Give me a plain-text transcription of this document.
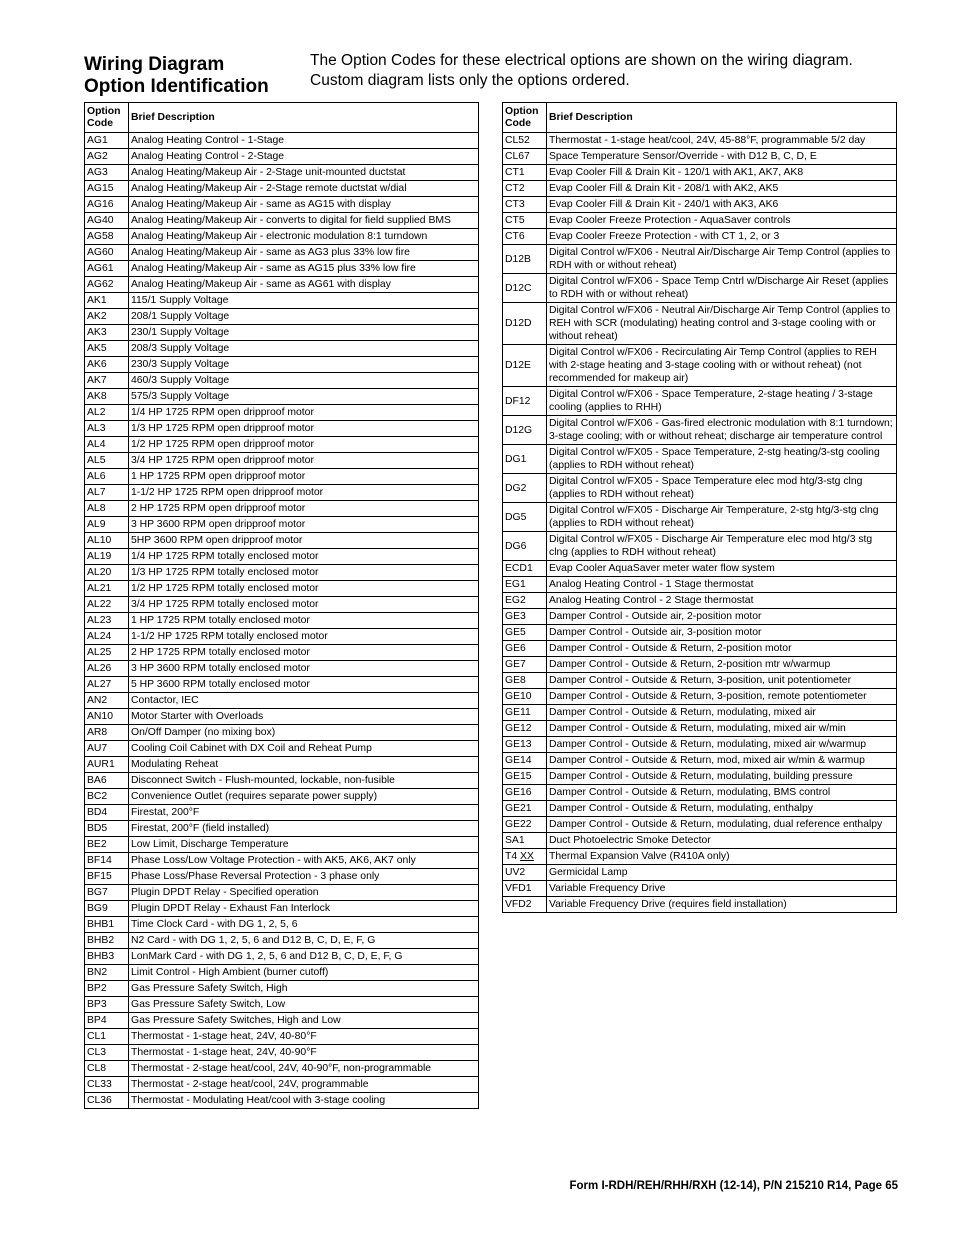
Wiring Diagram
Option Identification
The Option Codes for these electrical options are shown on the wiring diagram. Custom diagram lists only the options ordered.
Option Code	Brief Description
AG1	Analog Heating Control - 1-Stage
AG2	Analog Heating Control - 2-Stage
AG3	Analog Heating/Makeup Air - 2-Stage unit-mounted ductstat
AG15	Analog Heating/Makeup Air - 2-Stage remote ductstat w/dial
AG16	Analog Heating/Makeup Air - same as AG15 with display
AG40	Analog Heating/Makeup Air - converts to digital for field supplied BMS
AG58	Analog Heating/Makeup Air - electronic modulation 8:1 turndown
AG60	Analog Heating/Makeup Air - same as AG3 plus 33% low fire
AG61	Analog Heating/Makeup Air - same as AG15 plus 33% low fire
AG62	Analog Heating/Makeup Air - same as AG61 with display
AK1	115/1 Supply Voltage
AK2	208/1 Supply Voltage
AK3	230/1 Supply Voltage
AK5	208/3 Supply Voltage
AK6	230/3 Supply Voltage
AK7	460/3 Supply Voltage
AK8	575/3 Supply Voltage
AL2	1/4 HP 1725 RPM open dripproof motor
AL3	1/3 HP 1725 RPM open dripproof motor
AL4	1/2 HP 1725 RPM open dripproof motor
AL5	3/4 HP 1725 RPM open dripproof motor
AL6	1 HP 1725 RPM open dripproof motor
AL7	1-1/2 HP 1725 RPM open dripproof motor
AL8	2 HP 1725 RPM open dripproof motor
AL9	3 HP 3600 RPM open dripproof motor
AL10	5HP 3600 RPM open dripproof motor
AL19	1/4 HP 1725 RPM totally enclosed motor
AL20	1/3 HP 1725 RPM totally enclosed motor
AL21	1/2 HP 1725 RPM totally enclosed motor
AL22	3/4 HP 1725 RPM totally enclosed motor
AL23	1 HP 1725 RPM totally enclosed motor
AL24	1-1/2 HP 1725 RPM totally enclosed motor
AL25	2 HP 1725 RPM totally enclosed motor
AL26	3 HP 3600 RPM totally enclosed motor
AL27	5 HP 3600 RPM totally enclosed motor
AN2	Contactor, IEC
AN10	Motor Starter with Overloads
AR8	On/Off Damper (no mixing box)
AU7	Cooling Coil Cabinet with DX Coil and Reheat Pump
AUR1	Modulating Reheat
BA6	Disconnect Switch - Flush-mounted, lockable, non-fusible
BC2	Convenience Outlet (requires separate power supply)
BD4	Firestat, 200°F
BD5	Firestat, 200°F (field installed)
BE2	Low Limit, Discharge Temperature
BF14	Phase Loss/Low Voltage Protection - with AK5, AK6, AK7 only
BF15	Phase Loss/Phase Reversal Protection - 3 phase only
BG7	Plugin DPDT Relay - Specified operation
BG9	Plugin DPDT Relay - Exhaust Fan Interlock
BHB1	Time Clock Card - with DG 1, 2, 5, 6
BHB2	N2 Card - with DG 1, 2, 5, 6 and D12 B, C, D, E, F, G
BHB3	LonMark Card - with DG 1, 2, 5, 6 and D12 B, C, D, E, F, G
BN2	Limit Control - High Ambient (burner cutoff)
BP2	Gas Pressure Safety Switch, High
BP3	Gas Pressure Safety Switch, Low
BP4	Gas Pressure Safety Switches, High and Low
CL1	Thermostat - 1-stage heat, 24V, 40-80°F
CL3	Thermostat - 1-stage heat, 24V, 40-90°F
CL8	Thermostat - 2-stage heat/cool, 24V, 40-90°F, non-programmable
CL33	Thermostat - 2-stage heat/cool, 24V, programmable
CL36	Thermostat - Modulating Heat/cool with 3-stage cooling
Option Code	Brief Description
CL52	Thermostat - 1-stage heat/cool, 24V, 45-88°F, programmable 5/2 day
CL67	Space Temperature Sensor/Override - with D12 B, C, D, E
CT1	Evap Cooler Fill & Drain Kit - 120/1 with AK1, AK7, AK8
CT2	Evap Cooler Fill & Drain Kit - 208/1 with AK2, AK5
CT3	Evap Cooler Fill & Drain Kit - 240/1 with AK3, AK6
CT5	Evap Cooler Freeze Protection - AquaSaver controls
CT6	Evap Cooler Freeze Protection - with CT 1, 2, or 3
D12B	Digital Control w/FX06 - Neutral Air/Discharge Air Temp Control (applies to RDH with or without reheat)
D12C	Digital Control w/FX06 - Space Temp Cntrl w/Discharge Air Reset (applies to RDH with or without reheat)
D12D	Digital Control w/FX06 - Neutral Air/Discharge Air Temp Control (applies to REH with SCR (modulating) heating control and 3-stage cooling with or without reheat)
D12E	Digital Control w/FX06 - Recirculating Air Temp Control (applies to REH with 2-stage heating and 3-stage cooling with or without reheat) (not recommended for makeup air)
DF12	Digital Control w/FX06 - Space Temperature, 2-stage heating / 3-stage cooling (applies to RHH)
D12G	Digital Control w/FX06 - Gas-fired electronic modulation with 8:1 turndown; 3-stage cooling; with or without reheat; discharge air temperature control
DG1	Digital Control w/FX05 - Space Temperature, 2-stg heating/3-stg cooling (applies to RDH without reheat)
DG2	Digital Control w/FX05 - Space Temperature elec mod htg/3-stg clng (applies to RDH without reheat)
DG5	Digital Control w/FX05 - Discharge Air Temperature, 2-stg htg/3-stg clng (applies to RDH without reheat)
DG6	Digital Control w/FX05 - Discharge Air Temperature elec mod htg/3 stg clng (applies to RDH without reheat)
ECD1	Evap Cooler AquaSaver meter water flow system
EG1	Analog Heating Control - 1 Stage thermostat
EG2	Analog Heating Control - 2 Stage thermostat
GE3	Damper Control - Outside air, 2-position motor
GE5	Damper Control - Outside air, 3-position motor
GE6	Damper Control - Outside & Return, 2-position motor
GE7	Damper Control - Outside & Return, 2-position mtr w/warmup
GE8	Damper Control - Outside & Return, 3-position, unit potentiometer
GE10	Damper Control - Outside & Return, 3-position, remote potentiometer
GE11	Damper Control - Outside & Return, modulating, mixed air
GE12	Damper Control - Outside & Return, modulating, mixed air w/min
GE13	Damper Control - Outside & Return, modulating, mixed air w/warmup
GE14	Damper Control - Outside & Return, mod, mixed air w/min & warmup
GE15	Damper Control - Outside & Return, modulating, building pressure
GE16	Damper Control - Outside & Return, modulating, BMS control
GE21	Damper Control - Outside & Return, modulating, enthalpy
GE22	Damper Control - Outside & Return, modulating, dual reference enthalpy
SA1	Duct Photoelectric Smoke Detector
T4 XX	Thermal Expansion Valve (R410A only)
UV2	Germicidal Lamp
VFD1	Variable Frequency Drive
VFD2	Variable Frequency Drive (requires field installation)
Form I-RDH/REH/RHH/RXH (12-14), P/N 215210 R14, Page 65
